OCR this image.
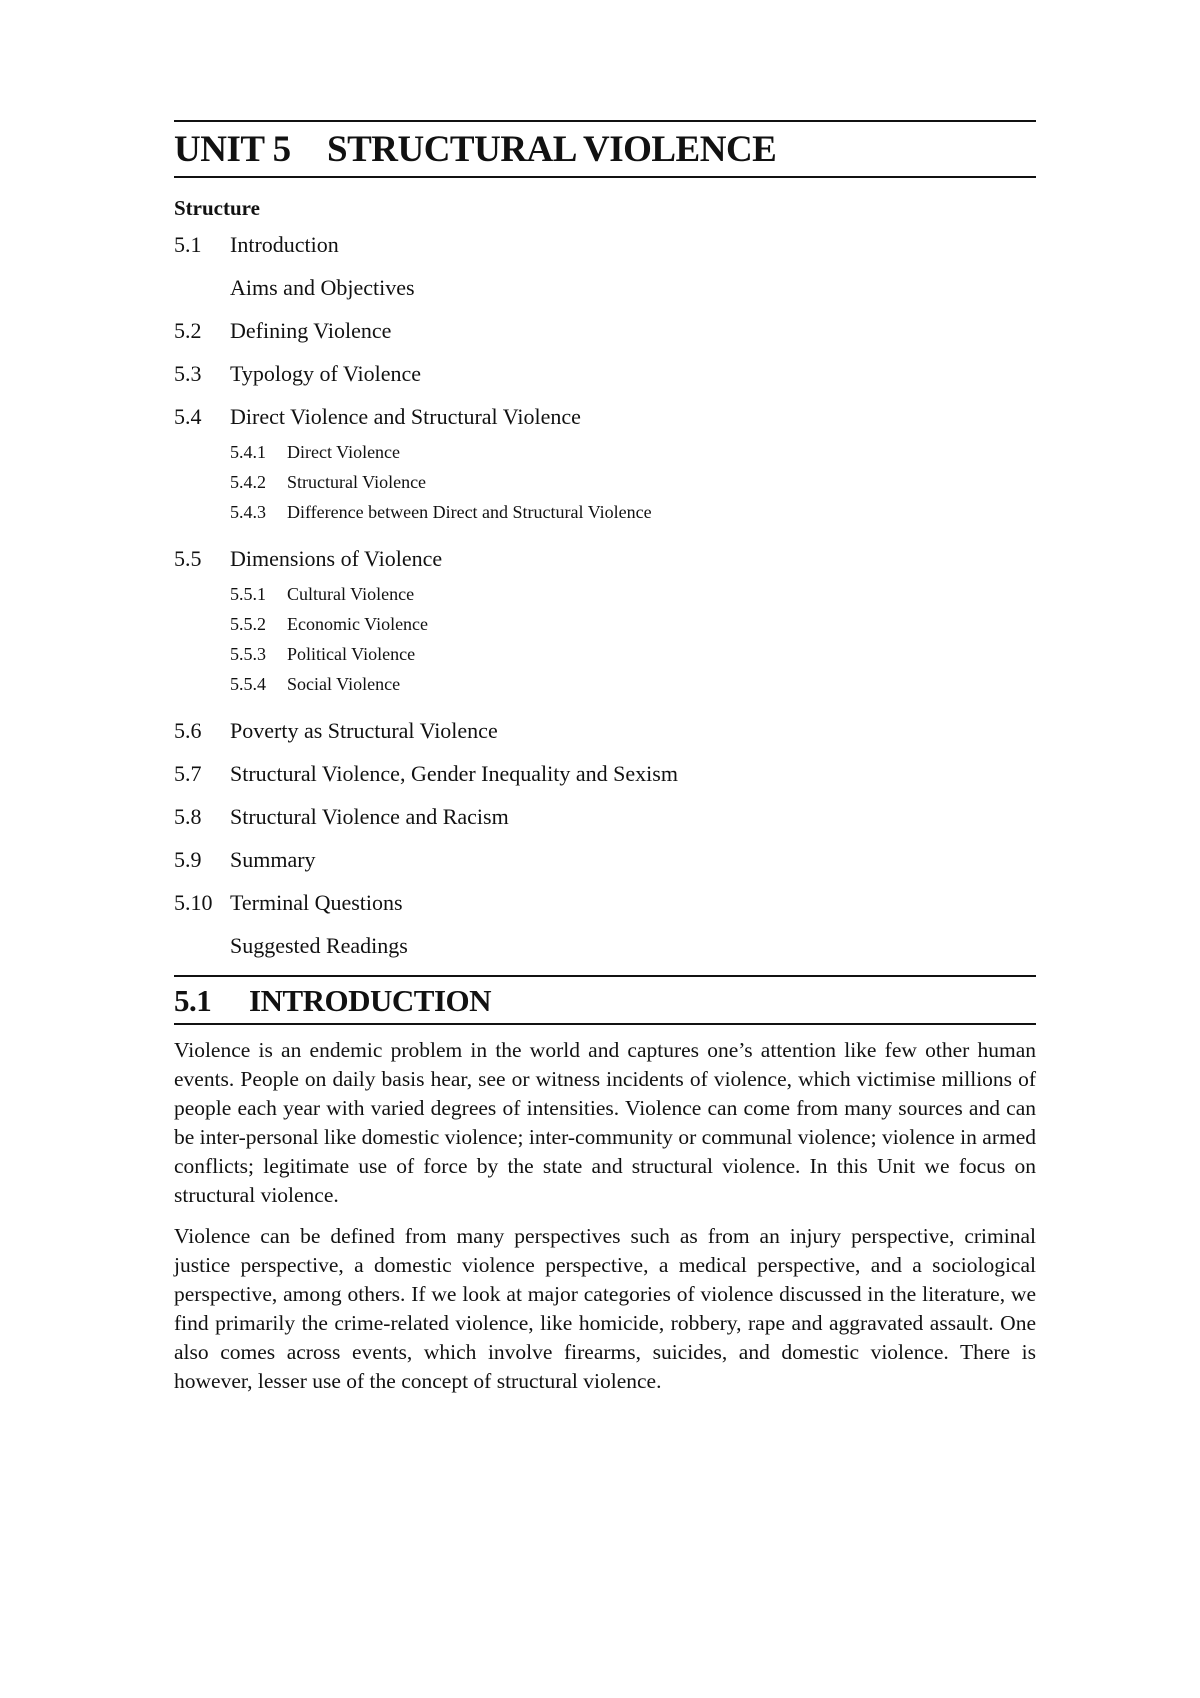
UNIT 5 STRUCTURAL VIOLENCE
Structure
5.1	Introduction
Aims and Objectives
5.2	Defining Violence
5.3	Typology of Violence
5.4	Direct Violence and Structural Violence
5.4.1	Direct Violence
5.4.2	Structural Violence
5.4.3	Difference between Direct and Structural Violence
5.5	Dimensions of Violence
5.5.1	Cultural Violence
5.5.2	Economic Violence
5.5.3	Political Violence
5.5.4	Social Violence
5.6	Poverty as Structural Violence
5.7	Structural Violence, Gender Inequality and Sexism
5.8	Structural Violence and Racism
5.9	Summary
5.10 Terminal Questions
Suggested Readings
5.1	INTRODUCTION

Violence is an endemic problem in the world and captures one’s attention like few other human events. People on daily basis hear, see or witness incidents of violence, which victimise millions of people each year with varied degrees of intensities. Violence can come from many sources and can be inter-personal like domestic violence; inter-community or communal violence; violence in armed conflicts; legitimate use of force by the state and structural violence. In this Unit we focus on structural violence.

Violence can be defined from many perspectives such as from an injury perspective, criminal justice perspective, a domestic violence perspective, a medical perspective, and a sociological perspective, among others. If we look at major categories of violence discussed in the literature, we find primarily the crime-related violence, like homicide, robbery, rape and aggravated assault. One also comes across events, which involve firearms, suicides, and domestic violence. There is however, lesser use of the concept of structural violence.
